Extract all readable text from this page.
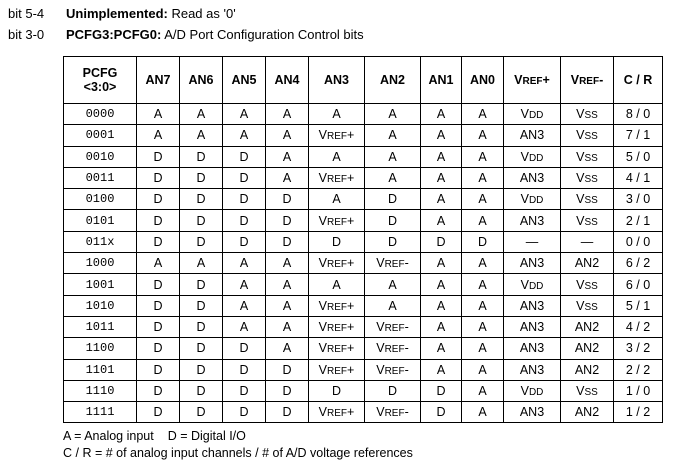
bit 5-4 Unimplemented: Read as '0'
bit 3-0 PCFG3:PCFG0: A/D Port Configuration Control bits
PCFG
<3:0>	AN7	AN6	AN5	AN4	AN3	AN2	AN1	AN0	VREF+	VREF-	C / R
0000	A	A	A	A	A	A	A	A	VDD	VSS	8 / 0
0001	A	A	A	A	VREF+	A	A	A	AN3	VSS	7 / 1
0010	D	D	D	A	A	A	A	A	VDD	VSS	5 / 0
0011	D	D	D	A	VREF+	A	A	A	AN3	VSS	4 / 1
0100	D	D	D	D	A	D	A	A	VDD	VSS	3 / 0
0101	D	D	D	D	VREF+	D	A	A	AN3	VSS	2 / 1
011x	D	D	D	D	D	D	D	D	—	—	0 / 0
1000	A	A	A	A	VREF+	VREF-	A	A	AN3	AN2	6 / 2
1001	D	D	A	A	A	A	A	A	VDD	VSS	6 / 0
1010	D	D	A	A	VREF+	A	A	A	AN3	VSS	5 / 1
1011	D	D	A	A	VREF+	VREF-	A	A	AN3	AN2	4 / 2
1100	D	D	D	A	VREF+	VREF-	A	A	AN3	AN2	3 / 2
1101	D	D	D	D	VREF+	VREF-	A	A	AN3	AN2	2 / 2
1110	D	D	D	D	D	D	D	A	VDD	VSS	1 / 0
1111	D	D	D	D	VREF+	VREF-	D	A	AN3	AN2	1 / 2
A = Analog input D = Digital I/O
C / R = # of analog input channels / # of A/D voltage references
